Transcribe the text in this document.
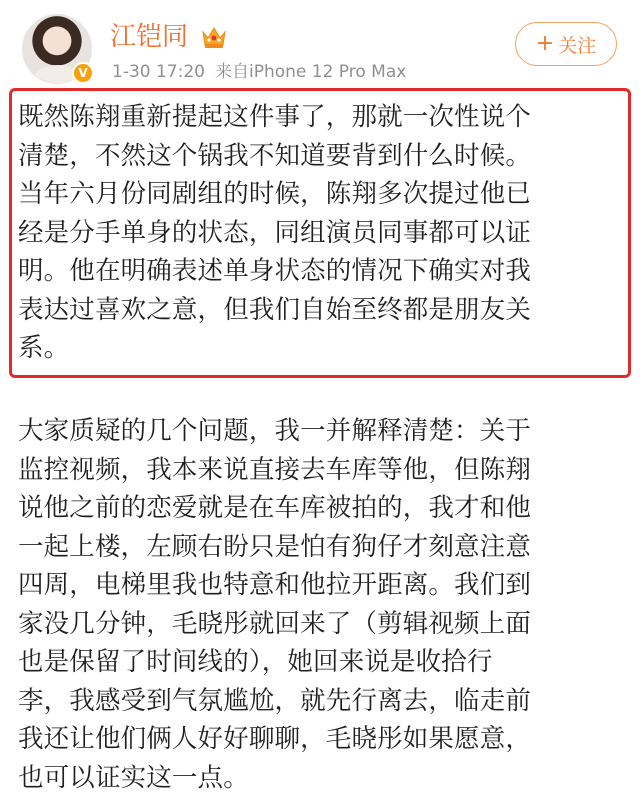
V
江铠同
1-30 17:20 来自iPhone 12 Pro Max
+ 关注
既然陈翔重新提起这件事了，那就一次性说个
清楚，不然这个锅我不知道要背到什么时候。
当年六月份同剧组的时候，陈翔多次提过他已
经是分手单身的状态，同组演员同事都可以证
明。他在明确表述单身状态的情况下确实对我
表达过喜欢之意，但我们自始至终都是朋友关
系。
大家质疑的几个问题，我一并解释清楚：关于
监控视频，我本来说直接去车库等他，但陈翔
说他之前的恋爱就是在车库被拍的，我才和他
一起上楼，左顾右盼只是怕有狗仔才刻意注意
四周，电梯里我也特意和他拉开距离。我们到
家没几分钟，毛晓彤就回来了（剪辑视频上面
也是保留了时间线的），她回来说是收拾行
李，我感受到气氛尴尬，就先行离去，临走前
我还让他们俩人好好聊聊，毛晓彤如果愿意，
也可以证实这一点。
